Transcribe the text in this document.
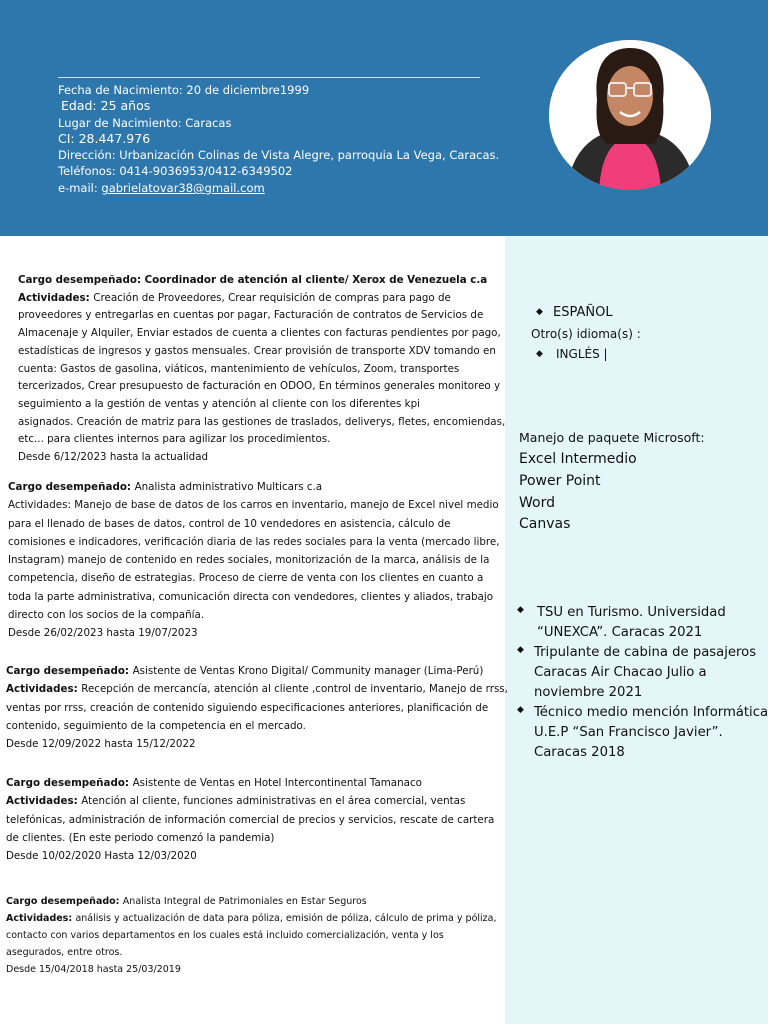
Fecha de Nacimiento: 20 de diciembre1999
Edad: 25 años
Lugar de Nacimiento: Caracas
CI: 28.447.976
Dirección: Urbanización Colinas de Vista Alegre, parroquia La Vega, Caracas.
Teléfonos: 0414-9036953/0412-6349502
e-mail: gabrielatovar38@gmail.com

Cargo desempeñado: Coordinador de atención al cliente/ Xerox de Venezuela c.a

Actividades: Creación de Proveedores, Crear requisición de compras para pago de

proveedores y entregarlas en cuentas por pagar, Facturación de contratos de Servicios de

Almacenaje y Alquiler, Enviar estados de cuenta a clientes con facturas pendientes por pago,

estadísticas de ingresos y gastos mensuales. Crear provisión de transporte XDV tomando en

cuenta: Gastos de gasolina, viáticos, mantenimiento de vehículos, Zoom, transportes

tercerizados, Crear presupuesto de facturación en ODOO, En términos generales monitoreo y

seguimiento a la gestión de ventas y atención al cliente con los diferentes kpi

asignados. Creación de matriz para las gestiones de traslados, deliverys, fletes, encomiendas,

etc... para clientes internos para agilizar los procedimientos.

Desde 6/12/2023 hasta la actualidad

Cargo desempeñado: Analista administrativo Multicars c.a

Actividades: Manejo de base de datos de los carros en inventario, manejo de Excel nivel medio

para el llenado de bases de datos, control de 10 vendedores en asistencia, cálculo de

comisiones e indicadores, verificación diaria de las redes sociales para la venta (mercado libre,

Instagram) manejo de contenido en redes sociales, monitorización de la marca, análisis de la

competencia, diseño de estrategias. Proceso de cierre de venta con los clientes en cuanto a

toda la parte administrativa, comunicación directa con vendedores, clientes y aliados, trabajo

directo con los socios de la compañía.

Desde 26/02/2023 hasta 19/07/2023

Cargo desempeñado: Asistente de Ventas Krono Digital/ Community manager (Lima-Perú)

Actividades: Recepción de mercancía, atención al cliente ,control de inventario, Manejo de rrss,

ventas por rrss, creación de contenido siguiendo especificaciones anteriores, planificación de

contenido, seguimiento de la competencia en el mercado.

Desde 12/09/2022 hasta 15/12/2022

Cargo desempeñado: Asistente de Ventas en Hotel Intercontinental Tamanaco

Actividades: Atención al cliente, funciones administrativas en el área comercial, ventas

telefónicas, administración de información comercial de precios y servicios, rescate de cartera

de clientes. (En este periodo comenzó la pandemia)

Desde 10/02/2020 Hasta 12/03/2020

Cargo desempeñado: Analista Integral de Patrimoniales en Estar Seguros

Actividades: análisis y actualización de data para póliza, emisión de póliza, cálculo de prima y póliza,

contacto con varios departamentos en los cuales está incluido comercialización, venta y los

asegurados, entre otros.

Desde 15/04/2018 hasta 25/03/2019

◆ ESPAÑOL
Otro(s) idioma(s) :
◆ INGLÉS |
Manejo de paquete Microsoft:
Excel Intermedio
Power Point
Word
Canvas
◆ TSU en Turismo. Universidad

“UNEXCA”. Caracas 2021

◆ Tripulante de cabina de pasajeros

Caracas Air Chacao Julio a

noviembre 2021

◆ Técnico medio mención Informática

U.E.P “San Francisco Javier”.

Caracas 2018
